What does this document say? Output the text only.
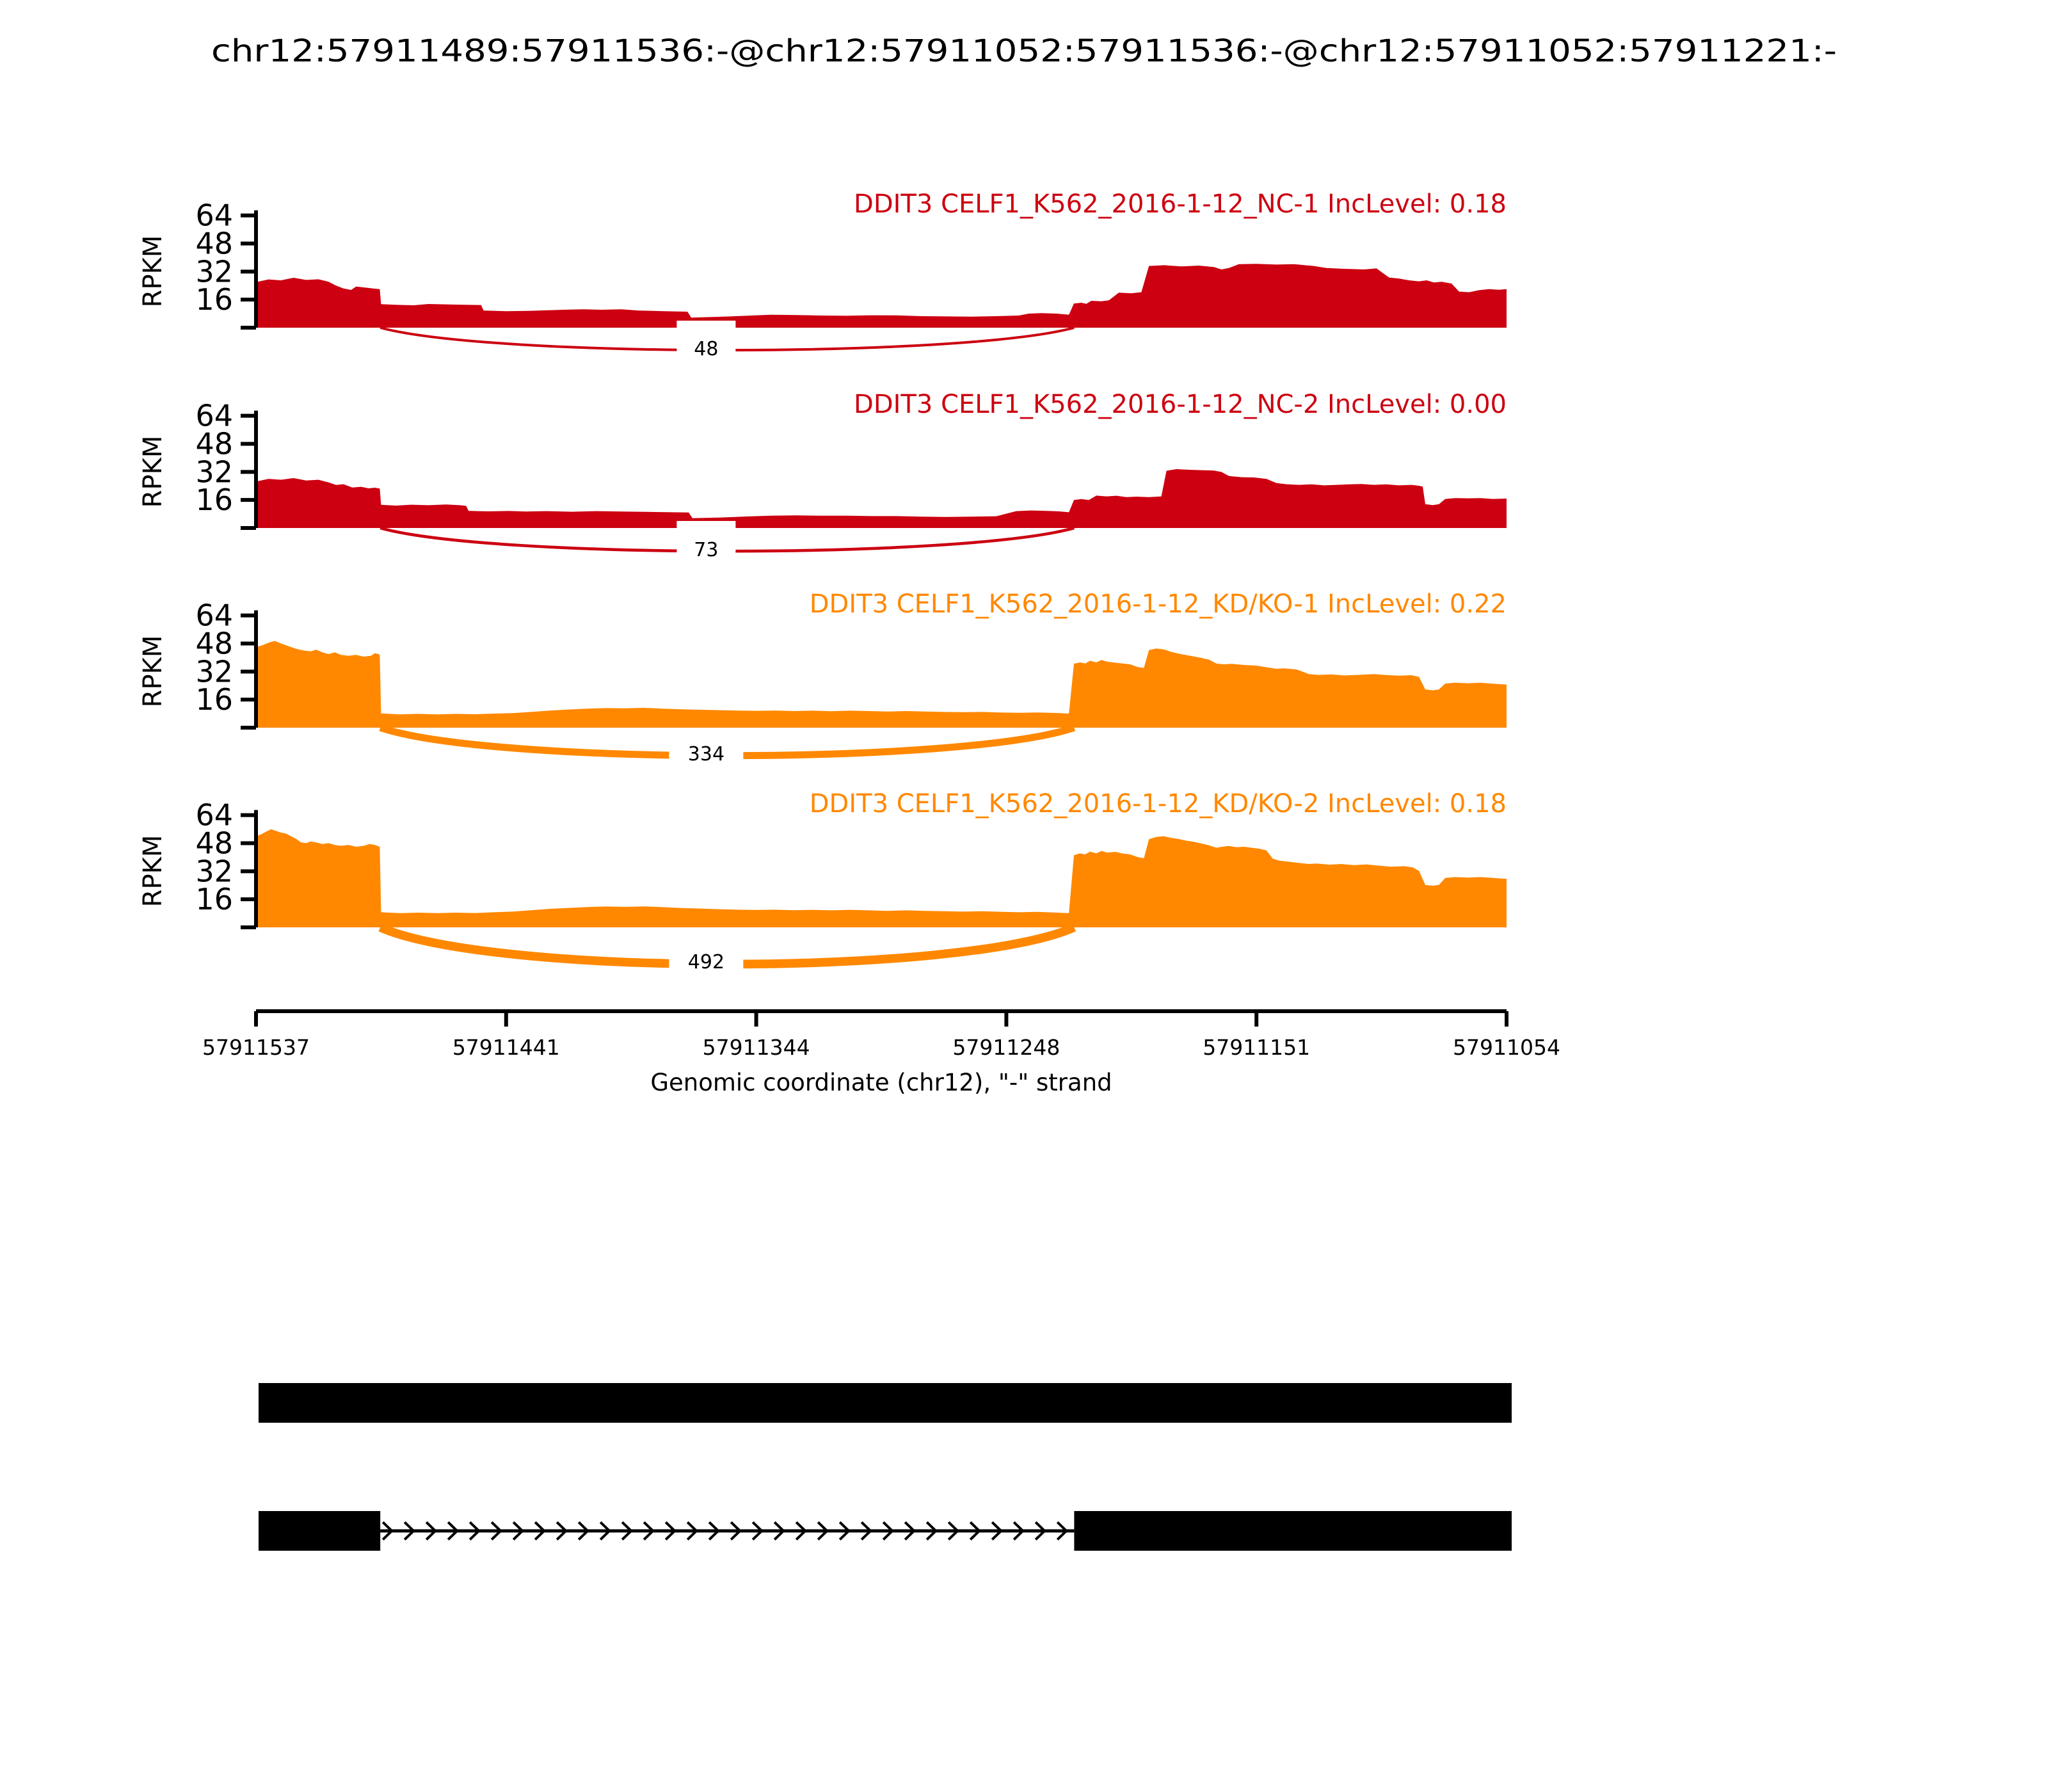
chr12:57911489:57911536:-@chr12:57911052:57911536:-@chr12:57911052:57911221:-
48
64
48
32
16
RPKM
DDIT3 CELF1_K562_2016-1-12_NC-1 IncLevel: 0.18
73
64
48
32
16
RPKM
DDIT3 CELF1_K562_2016-1-12_NC-2 IncLevel: 0.00
334
64
48
32
16
RPKM
DDIT3 CELF1_K562_2016-1-12_KD/KO-1 IncLevel: 0.22
492
64
48
32
16
RPKM
DDIT3 CELF1_K562_2016-1-12_KD/KO-2 IncLevel: 0.18
57911537	57911441	57911344	57911248	57911151	57911054
Genomic coordinate (chr12), "-" strand
